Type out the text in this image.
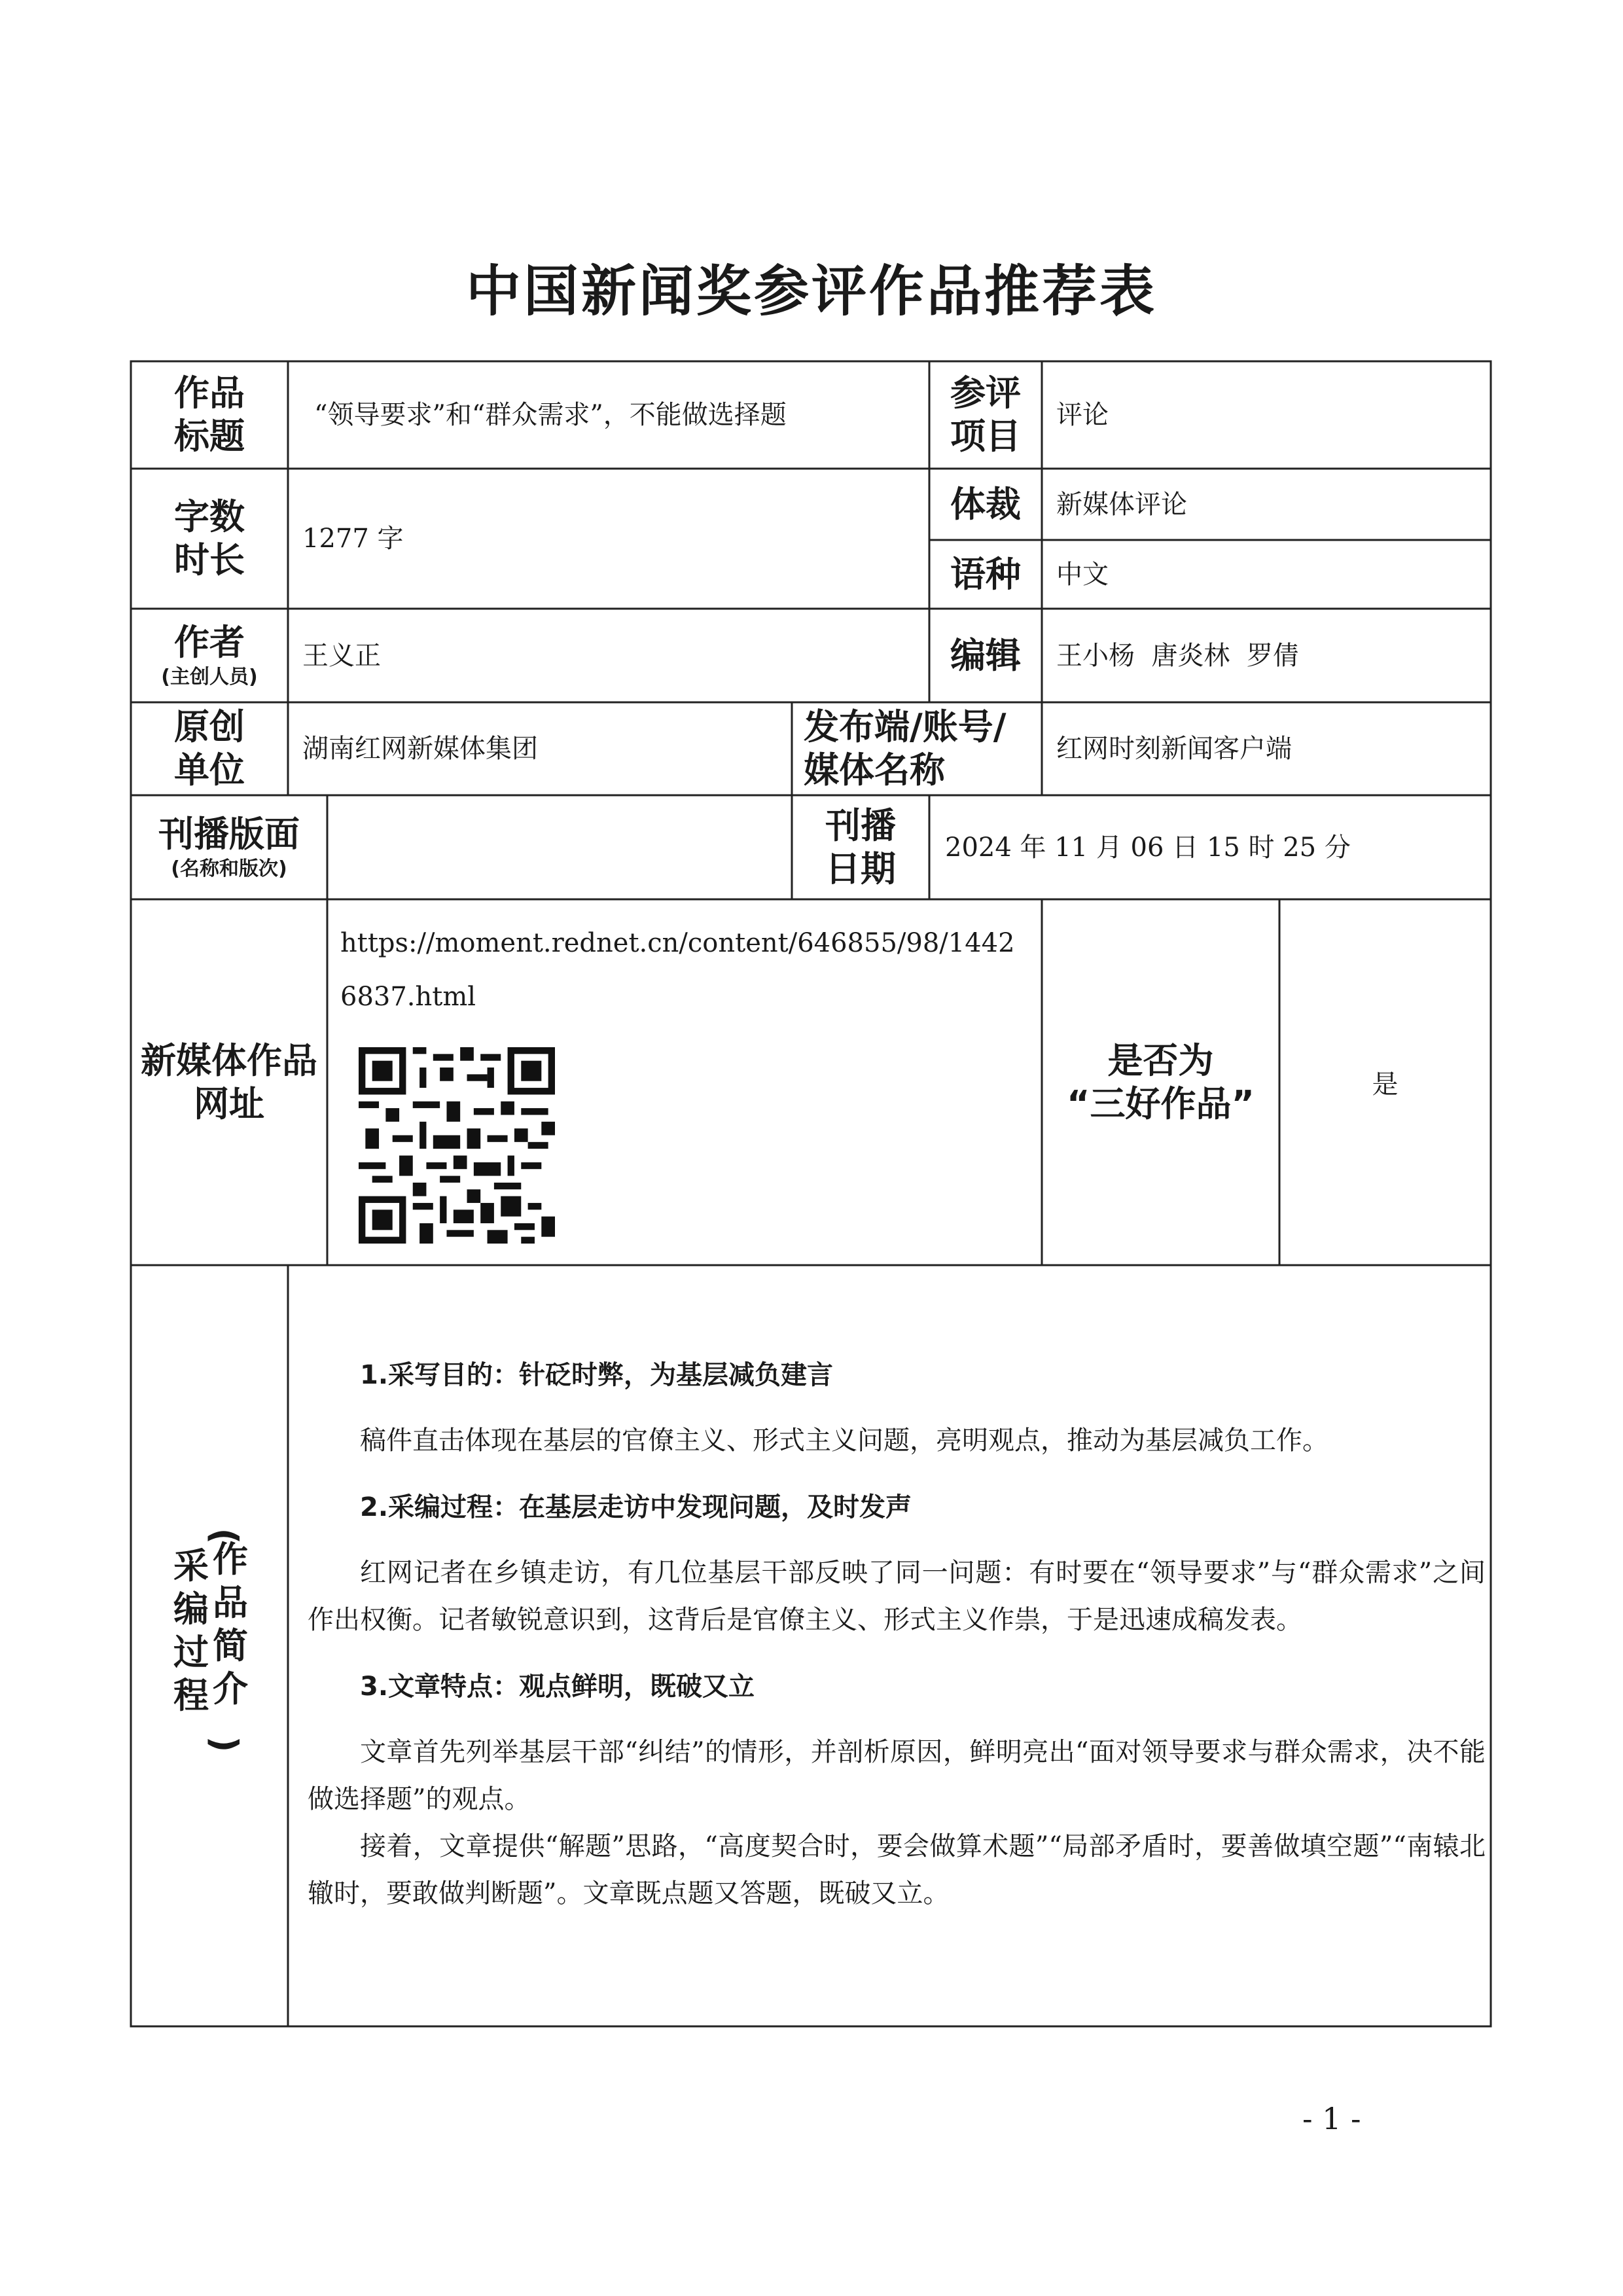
中国新闻奖参评作品推荐表
作品
标题
“领导要求”和“群众需求”，不能做选择题
参评
项目
评论
字数
时长
1277 字
体裁 新媒体评论
语种 中文
作者
(主创人员)
王义正	编辑 王小杨  唐炎林  罗倩
原创
单位
湖南红网新媒体集团
发布端/账号/
媒体名称
红网时刻新闻客户端
刊播版面
(名称和版次)
刊播
日期
2024 年 11 月 06 日 15 时 25 分
新媒体作品
网址
https://moment.rednet.cn/content/646855/98/14426837.html
是否为
“三好作品”	是
(
采
编
过
程
作
品
简
介
)

1.采写目的：针砭时弊，为基层减负建言

稿件直击体现在基层的官僚主义、形式主义问题，亮明观点，推动为基层减负工作。

2.采编过程：在基层走访中发现问题，及时发声

红网记者在乡镇走访，有几位基层干部反映了同一问题：有时要在“领导要求”与“群众需求”之间作出权衡。记者敏锐意识到，这背后是官僚主义、形式主义作祟，于是迅速成稿发表。

3.文章特点：观点鲜明，既破又立

文章首先列举基层干部“纠结”的情形，并剖析原因，鲜明亮出“面对领导要求与群众需求，决不能做选择题”的观点。

接着，文章提供“解题”思路，“高度契合时，要会做算术题”“局部矛盾时，要善做填空题”“南辕北辙时，要敢做判断题”。文章既点题又答题，既破又立。

- 1 -
